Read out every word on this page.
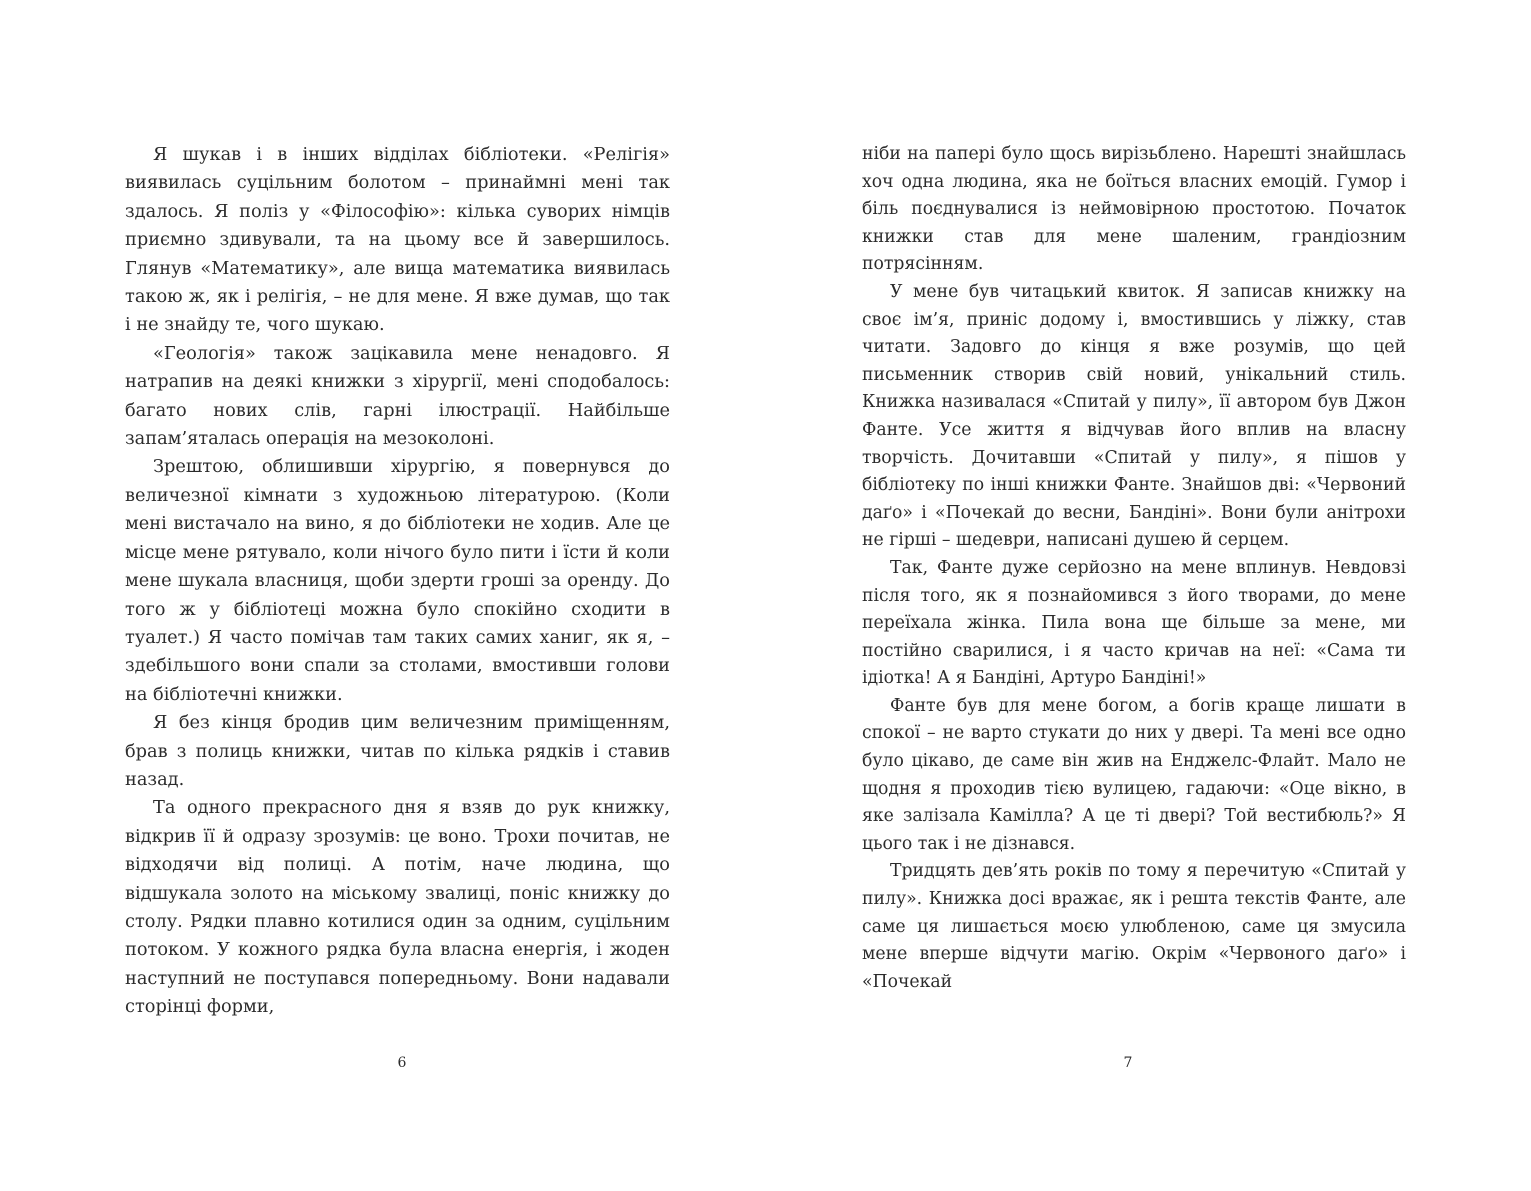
Я шукав і в інших відділах бібліотеки. «Релігія» виявилась суцільним болотом – принаймні мені так здалось. Я поліз у «Філософію»: кілька суворих німців приємно здивували, та на цьому все й завершилось. Глянув «Математику», але вища математика виявилась такою ж, як і релігія, – не для мене. Я вже думав, що так і не знайду те, чого шукаю.

«Геологія» також зацікавила мене ненадовго. Я натрапив на деякі книжки з хірургії, мені сподобалось: багато нових слів, гарні ілюстрації. Найбільше запам’яталась операція на мезоколоні.

Зрештою, облишивши хірургію, я повернувся до величезної кімнати з художньою літературою. (Коли мені вистачало на вино, я до бібліотеки не ходив. Але це місце мене рятувало, коли нічого було пити і їсти й коли мене шукала власниця, щоби здерти гроші за оренду. До того ж у бібліотеці можна було спокійно сходити в туалет.) Я часто помічав там таких самих ханиг, як я, – здебільшого вони спали за столами, вмостивши голови на бібліотечні книжки.

Я без кінця бродив цим величезним приміщенням, брав з полиць книжки, читав по кілька рядків і ставив назад.

Та одного прекрасного дня я взяв до рук книжку, відкрив її й одразу зрозумів: це воно. Трохи почитав, не відходячи від полиці. А потім, наче людина, що відшукала золото на міському звалиці, поніс книжку до столу. Рядки плавно котилися один за одним, суцільним потоком. У кожного рядка була власна енергія, і жоден наступний не поступався попередньому. Вони надавали сторінці форми,

6

ніби на папері було щось вирізьблено. Нарешті знайшлась хоч одна людина, яка не боїться власних емоцій. Гумор і біль поєднувалися із неймовірною простотою. Початок книжки став для мене шаленим, грандіозним потрясінням.

У мене був читацький квиток. Я записав книжку на своє ім’я, приніс додому і, вмостившись у ліжку, став читати. Задовго до кінця я вже розумів, що цей письменник створив свій новий, унікальний стиль. Книжка називалася «Спитай у пилу», її автором був Джон Фанте. Усе життя я відчував його вплив на власну творчість. Дочитавши «Спитай у пилу», я пішов у бібліотеку по інші книжки Фанте. Знайшов дві: «Червоний даґо» і «Почекай до весни, Бандіні». Вони були анітрохи не гірші – шедеври, написані душею й серцем.

Так, Фанте дуже серйозно на мене вплинув. Невдовзі після того, як я познайомився з його творами, до мене переїхала жінка. Пила вона ще більше за мене, ми постійно сварилися, і я часто кричав на неї: «Сама ти ідіотка! А я Бандіні, Артуро Бандіні!»

Фанте був для мене богом, а богів краще лишати в спокої – не варто стукати до них у двері. Та мені все одно було цікаво, де саме він жив на Енджелс-Флайт. Мало не щодня я проходив тією вулицею, гадаючи: «Оце вікно, в яке залізала Камілла? А це ті двері? Той вестибюль?» Я цього так і не дізнався.

Тридцять дев’ять років по тому я перечитую «Спитай у пилу». Книжка досі вражає, як і решта текстів Фанте, але саме ця лишається моєю улюбленою, саме ця змусила мене вперше відчути магію. Окрім «Червоного даґо» і «Почекай

7
